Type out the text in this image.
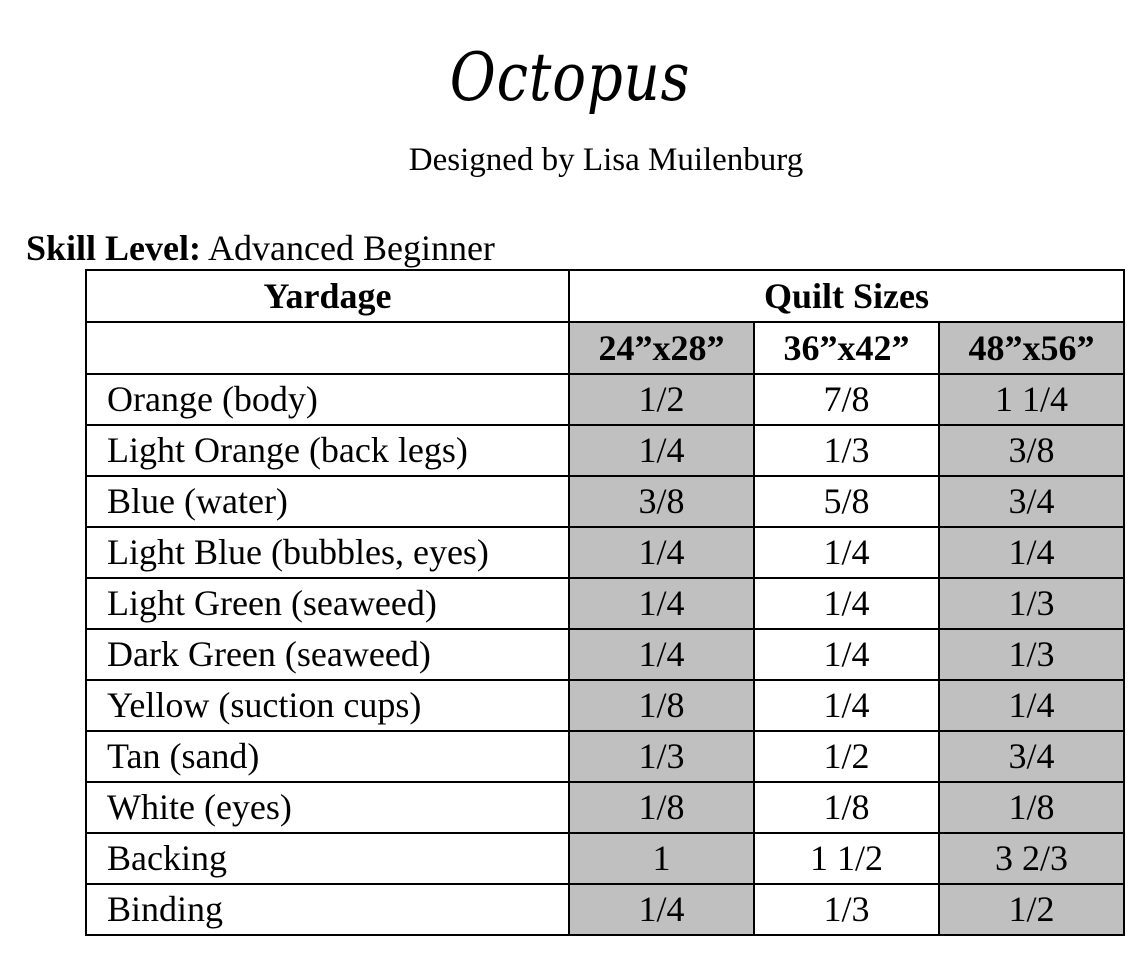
Octopus
Designed by Lisa Muilenburg
Skill Level: Advanced Beginner
Yardage	Quilt Sizes		
	24”x28”	36”x42”	48”x56”
Orange (body)	1/2	7/8	1 1/4
Light Orange (back legs)	1/4	1/3	3/8
Blue (water)	3/8	5/8	3/4
Light Blue (bubbles, eyes)	1/4	1/4	1/4
Light Green (seaweed)	1/4	1/4	1/3
Dark Green (seaweed)	1/4	1/4	1/3
Yellow (suction cups)	1/8	1/4	1/4
Tan (sand)	1/3	1/2	3/4
White (eyes)	1/8	1/8	1/8
Backing	1	1 1/2	3 2/3
Binding	1/4	1/3	1/2
